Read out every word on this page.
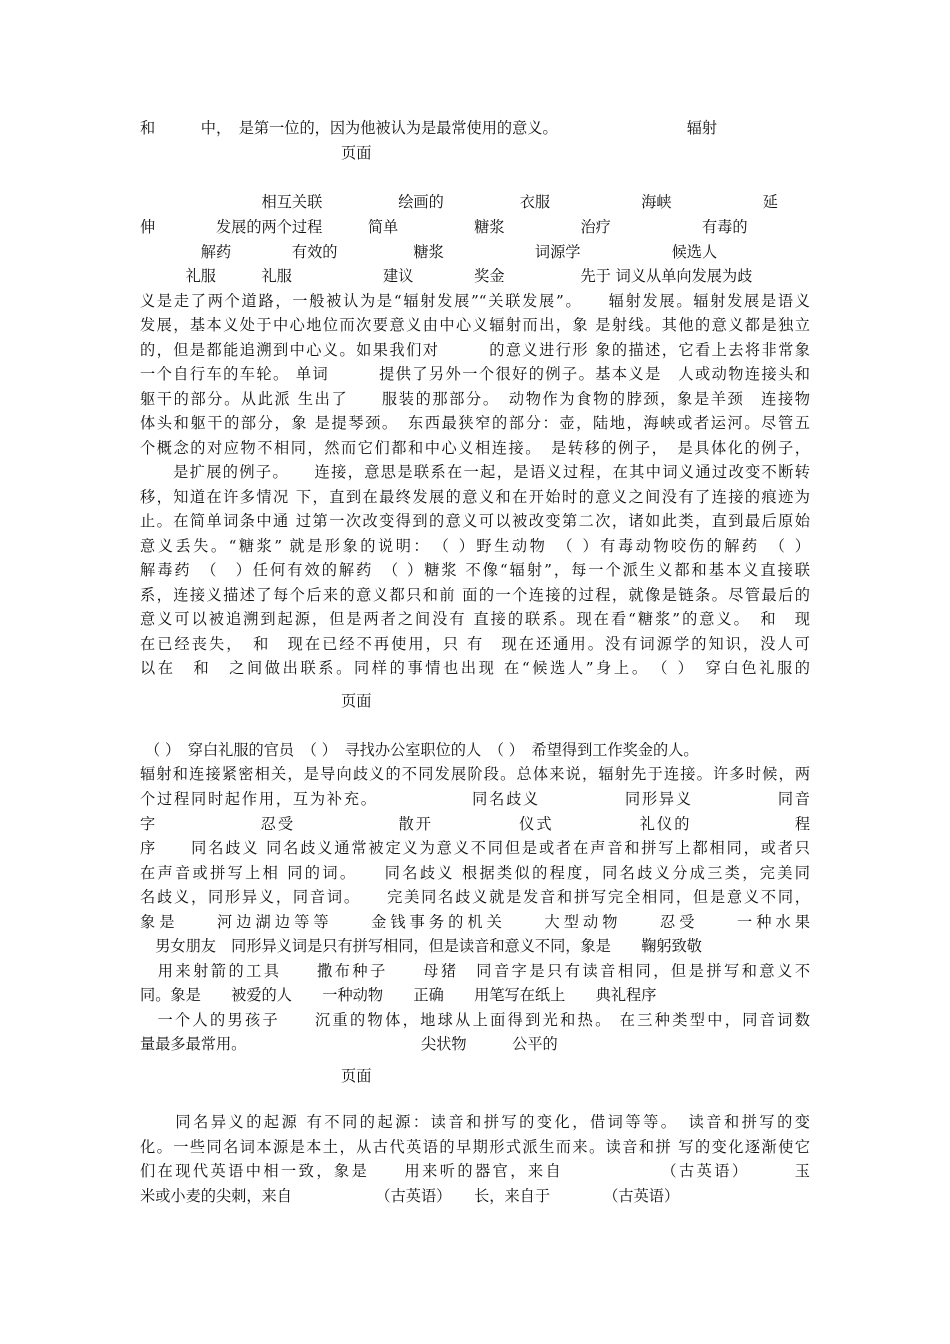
和　　　中，　是第一位的，因为他被认为是最常使用的意义。　　　　　　　　　辐射
页面
　　　　　　　　相互关联　　　　　绘画的　　　　　衣服　　　　　　海峡　　　　　　延
伸　　　　发展的两个过程　　　简单　　　　　糖浆　　　　　治疗　　　　　　有毒的
　　　　解药　　　　有效的　　　　　糖浆　　　　　　词源学　　　　　　候选人
　　　礼服　　　礼服　　　　　　建议　　　　奖金　　　　　先于 词义从单向发展为歧
义是走了两个道路，一般被认为是“辐射发展”“关联发展”。　　辐射发展。辐射发展是语义
发展，基本义处于中心地位而次要意义由中心义辐射而出，象 是射线。其他的意义都是独立
的，但是都能追溯到中心义。如果我们对　　　的意义进行形 象的描述，它看上去将非常象
一个自行车的车轮。 单词　　　提供了另外一个很好的例子。基本义是　人或动物连接头和
躯干的部分。从此派 生出了　　服装的那部分。　动物作为食物的脖颈，象是羊颈　连接物
体头和躯干的部分，象 是提琴颈。　东西最狭窄的部分：壶，陆地，海峡或者运河。尽管五
个概念的对应物不相同，然而它们都和中心义相连接。　是转移的例子，　是具体化的例子，
　　是扩展的例子。　　连接，意思是联系在一起，是语义过程，在其中词义通过改变不断转
移，知道在许多情况 下，直到在最终发展的意义和在开始时的意义之间没有了连接的痕迹为
止。在简单词条中通 过第一次改变得到的意义可以被改变第二次，诸如此类，直到最后原始
意义丢失。“糖浆” 就是形象的说明：　（ ）野生动物　（ ）有毒动物咬伤的解药　（ ）
解毒药　（　）任何有效的解药　（ ）糖浆 不像“辐射”，每一个派生义都和基本义直接联
系，连接义描述了每个后来的意义都只和前 面的一个连接的过程，就像是链条。尽管最后的
意义可以被追溯到起源，但是两者之间没有 直接的联系。现在看“糖浆”的意义。　和　现
在已经丧失，　和　现在已经不再使用，只 有　现在还通用。没有词源学的知识，没人可
以在　和　之间做出联系。同样的事情也出现 在“候选人”身上。　（ ）　穿白色礼服的
页面
（ ）　穿白礼服的官员　（ ）　寻找办公室职位的人　（ ）　希望得到工作奖金的人。
辐射和连接紧密相关，是导向歧义的不同发展阶段。总体来说，辐射先于连接。许多时候，两
个过程同时起作用，互为补充。　　　　　　同名歧义　　　　　同形异义　　　　　同音
字　　　　　　忍受　　　　　　散开　　　　　仪式　　　　　礼仪的　　　　　　程
序　　同名歧义 同名歧义通常被定义为意义不同但是或者在声音和拼写上都相同，或者只
在声音或拼写上相 同的词。　　同名歧义 根据类似的程度，同名歧义分成三类，完美同
名歧义，同形异义，同音词。　　完美同名歧义就是发音和拼写完全相同，但是意义不同，
象是　　河边湖边等等　　金钱事务的机关　　大型动物　　忍受　　一种水果
　男女朋友　同形异义词是只有拼写相同，但是读音和意义不同，象是　　鞠躬致敬
　用来射箭的工具　　撒布种子　　母猪　同音字是只有读音相同，但是拼写和意义不
同。象是　　被爱的人　　一种动物　　正确　　用笔写在纸上　　典礼程序
　一个人的男孩子　　沉重的物体，地球从上面得到光和热。 在三种类型中，同音词数
量最多最常用。　　　　　　　　　　　　尖状物　　　公平的
页面
　　同名异义的起源 有不同的起源：读音和拼写的变化，借词等等。　读音和拼写的变
化。一些同名词本源是本土，从古代英语的早期形式派生而来。读音和拼 写的变化逐渐使它
们在现代英语中相一致，象是　　用来听的器官，来自　　　　　　（古英语）　　　玉
米或小麦的尖刺，来自　　　　　　（古英语）　　长，来自于　　　　（古英语）
